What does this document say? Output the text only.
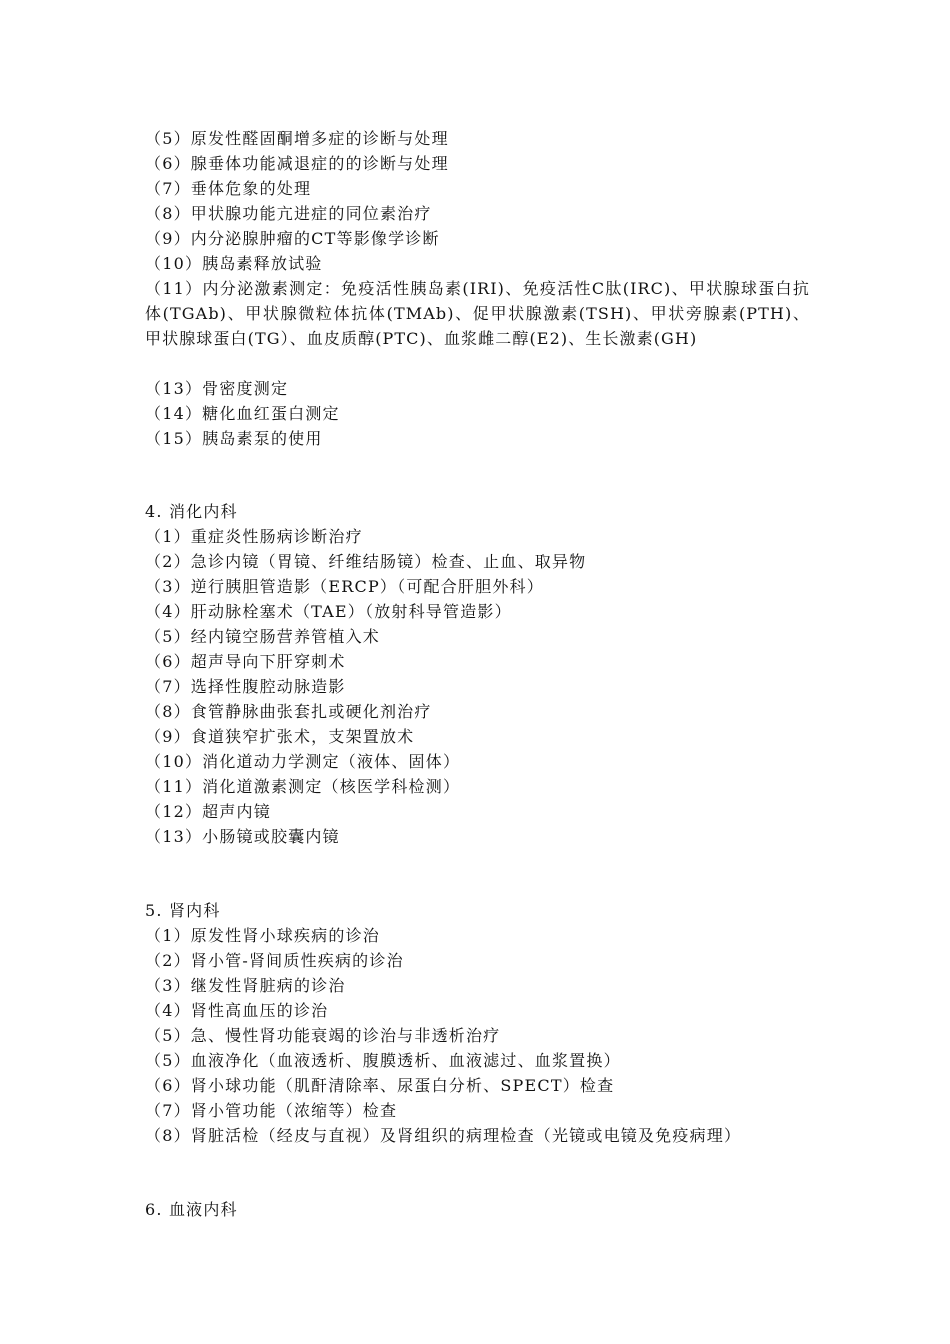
（5）原发性醛固酮增多症的诊断与处理
（6）腺垂体功能减退症的的诊断与处理
（7）垂体危象的处理
（8）甲状腺功能亢进症的同位素治疗
（9）内分泌腺肿瘤的CT等影像学诊断
（10）胰岛素释放试验
（11）内分泌激素测定：免疫活性胰岛素(IRI)、免疫活性C肽(IRC)、甲状腺球蛋白抗体(TGAb)、甲状腺微粒体抗体(TMAb)、促甲状腺激素(TSH)、甲状旁腺素(PTH)、甲状腺球蛋白(TG）、血皮质醇(PTC)、血浆雌二醇(E2)、生长激素(GH)
（13）骨密度测定
（14）糖化血红蛋白测定
（15）胰岛素泵的使用
4. 消化内科
（1）重症炎性肠病诊断治疗
（2）急诊内镜（胃镜、纤维结肠镜）检查、止血、取异物
（3）逆行胰胆管造影（ERCP）（可配合肝胆外科）
（4）肝动脉栓塞术（TAE）（放射科导管造影）
（5）经内镜空肠营养管植入术
（6）超声导向下肝穿刺术
（7）选择性腹腔动脉造影
（8）食管静脉曲张套扎或硬化剂治疗
（9）食道狭窄扩张术，支架置放术
（10）消化道动力学测定（液体、固体）
（11）消化道激素测定（核医学科检测）
（12）超声内镜
（13）小肠镜或胶囊内镜
5. 肾内科
（1）原发性肾小球疾病的诊治
（2）肾小管-肾间质性疾病的诊治
（3）继发性肾脏病的诊治
（4）肾性高血压的诊治
（5）急、慢性肾功能衰竭的诊治与非透析治疗
（5）血液净化（血液透析、腹膜透析、血液滤过、血浆置换）
（6）肾小球功能（肌酐清除率、尿蛋白分析、SPECT）检查
（7）肾小管功能（浓缩等）检查
（8）肾脏活检（经皮与直视）及肾组织的病理检查（光镜或电镜及免疫病理）
6. 血液内科
